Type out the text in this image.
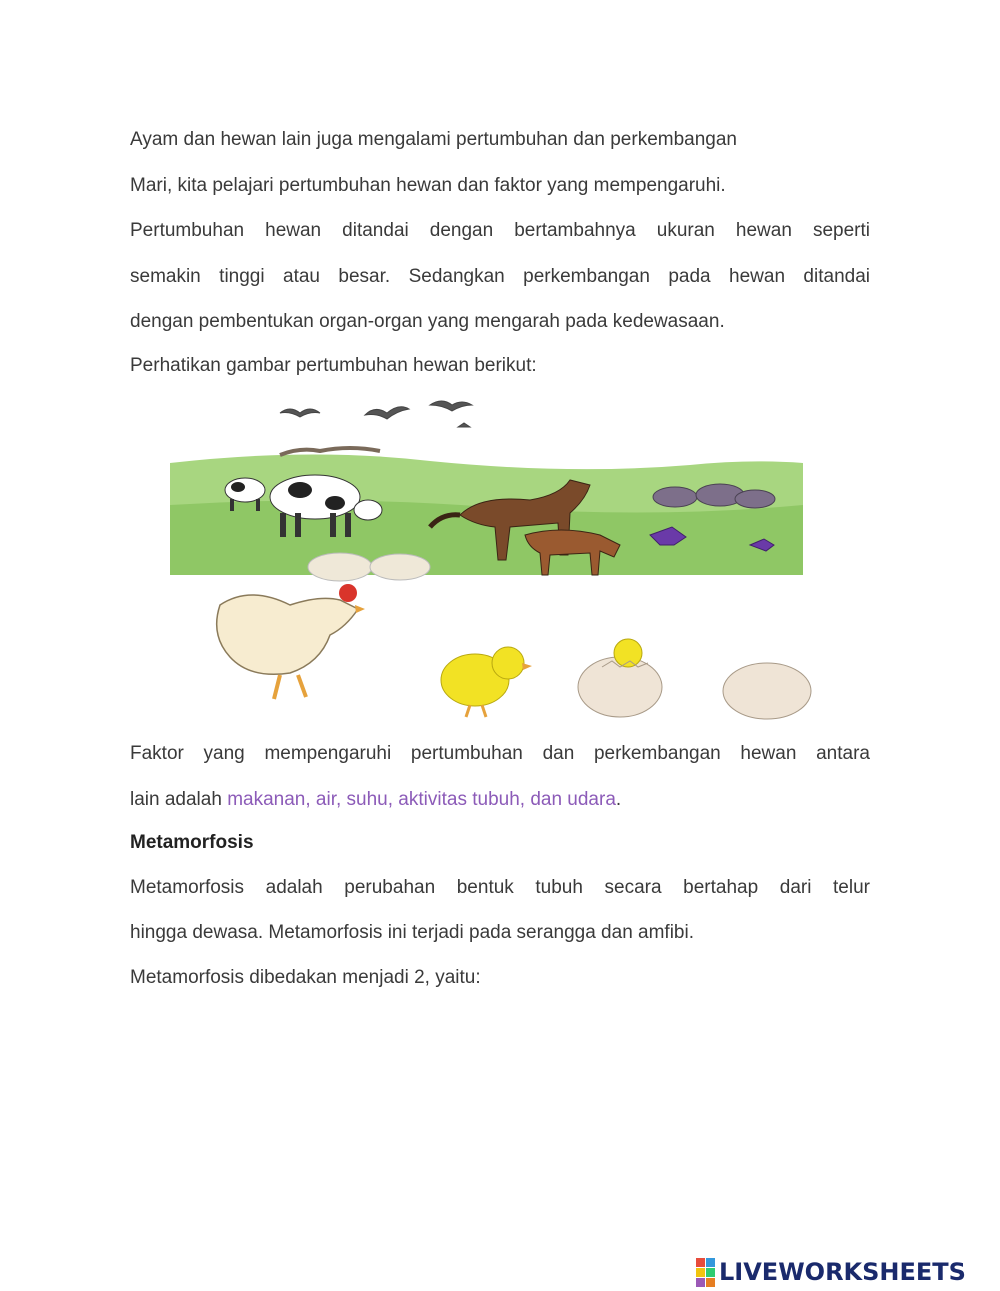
Ayam dan hewan lain juga mengalami pertumbuhan dan perkembangan
Mari, kita pelajari pertumbuhan hewan dan faktor yang mempengaruhi.
Pertumbuhan hewan ditandai dengan bertambahnya ukuran hewan seperti
semakin tinggi atau besar. Sedangkan perkembangan pada hewan ditandai
dengan pembentukan organ-organ yang mengarah pada kedewasaan.
Perhatikan gambar pertumbuhan hewan berikut:
Faktor yang mempengaruhi pertumbuhan dan perkembangan hewan antara
lain adalah makanan, air, suhu, aktivitas tubuh, dan udara.
Metamorfosis
Metamorfosis adalah perubahan bentuk tubuh secara bertahap dari telur
hingga dewasa. Metamorfosis ini terjadi pada serangga dan amfibi.
Metamorfosis dibedakan menjadi 2, yaitu:
LIVEWORKSHEETS
